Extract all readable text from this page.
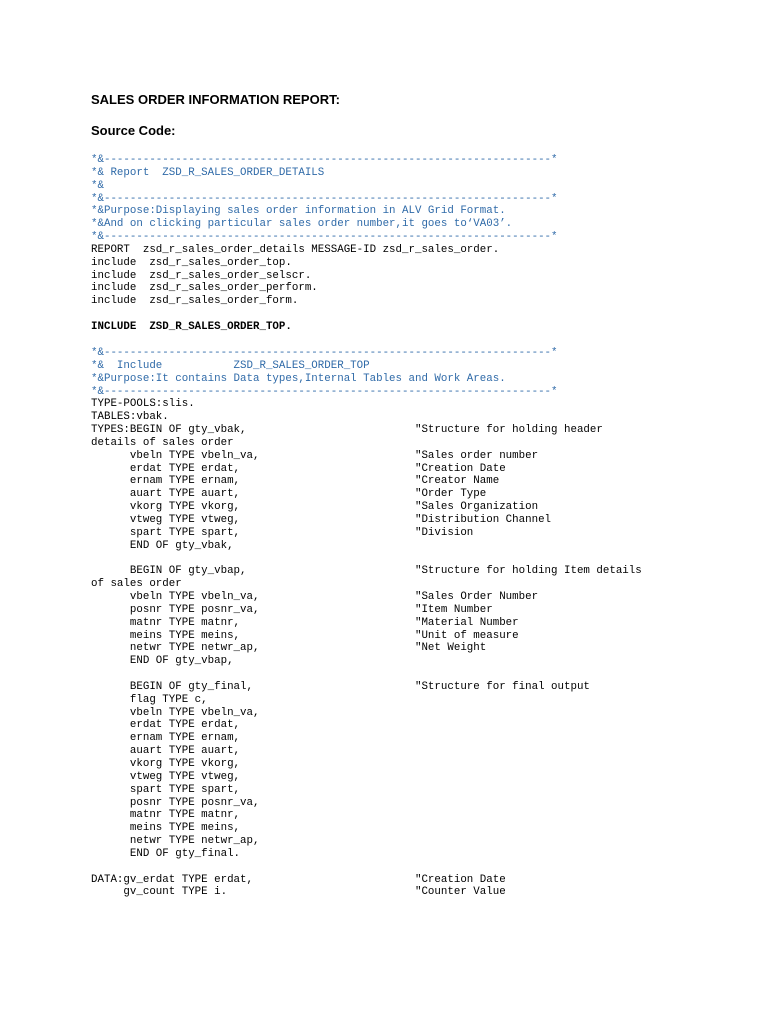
SALES ORDER INFORMATION REPORT:

Source Code:

*&---------------------------------------------------------------------*
*& Report  ZSD_R_SALES_ORDER_DETAILS
*&
*&---------------------------------------------------------------------*
*&Purpose:Displaying sales order information in ALV Grid Format.
*&And on clicking particular sales order number,it goes to‘VA03’.
*&---------------------------------------------------------------------*
REPORT  zsd_r_sales_order_details MESSAGE-ID zsd_r_sales_order.
include  zsd_r_sales_order_top.
include  zsd_r_sales_order_selscr.
include  zsd_r_sales_order_perform.
include  zsd_r_sales_order_form.

INCLUDE  ZSD_R_SALES_ORDER_TOP.

*&---------------------------------------------------------------------*
*&  Include           ZSD_R_SALES_ORDER_TOP
*&Purpose:It contains Data types,Internal Tables and Work Areas.
*&---------------------------------------------------------------------*
TYPE-POOLS:slis.
TABLES:vbak.
TYPES:BEGIN OF gty_vbak,                          "Structure for holding header
details of sales order
vbeln TYPE vbeln_va,                        "Sales order number
erdat TYPE erdat,                           "Creation Date
ernam TYPE ernam,                           "Creator Name
auart TYPE auart,                           "Order Type
vkorg TYPE vkorg,                           "Sales Organization
vtweg TYPE vtweg,                           "Distribution Channel
spart TYPE spart,                           "Division
END OF gty_vbak,
BEGIN OF gty_vbap,                          "Structure for holding Item details
of sales order
vbeln TYPE vbeln_va,                        "Sales Order Number
posnr TYPE posnr_va,                        "Item Number
matnr TYPE matnr,                           "Material Number
meins TYPE meins,                           "Unit of measure
netwr TYPE netwr_ap,                        "Net Weight
END OF gty_vbap,
BEGIN OF gty_final,                         "Structure for final output
flag TYPE c,
vbeln TYPE vbeln_va,
erdat TYPE erdat,
ernam TYPE ernam,
auart TYPE auart,
vkorg TYPE vkorg,
vtweg TYPE vtweg,
spart TYPE spart,
posnr TYPE posnr_va,
matnr TYPE matnr,
meins TYPE meins,
netwr TYPE netwr_ap,
END OF gty_final.
DATA:gv_erdat TYPE erdat,                         "Creation Date
gv_count TYPE i.                             "Counter Value
